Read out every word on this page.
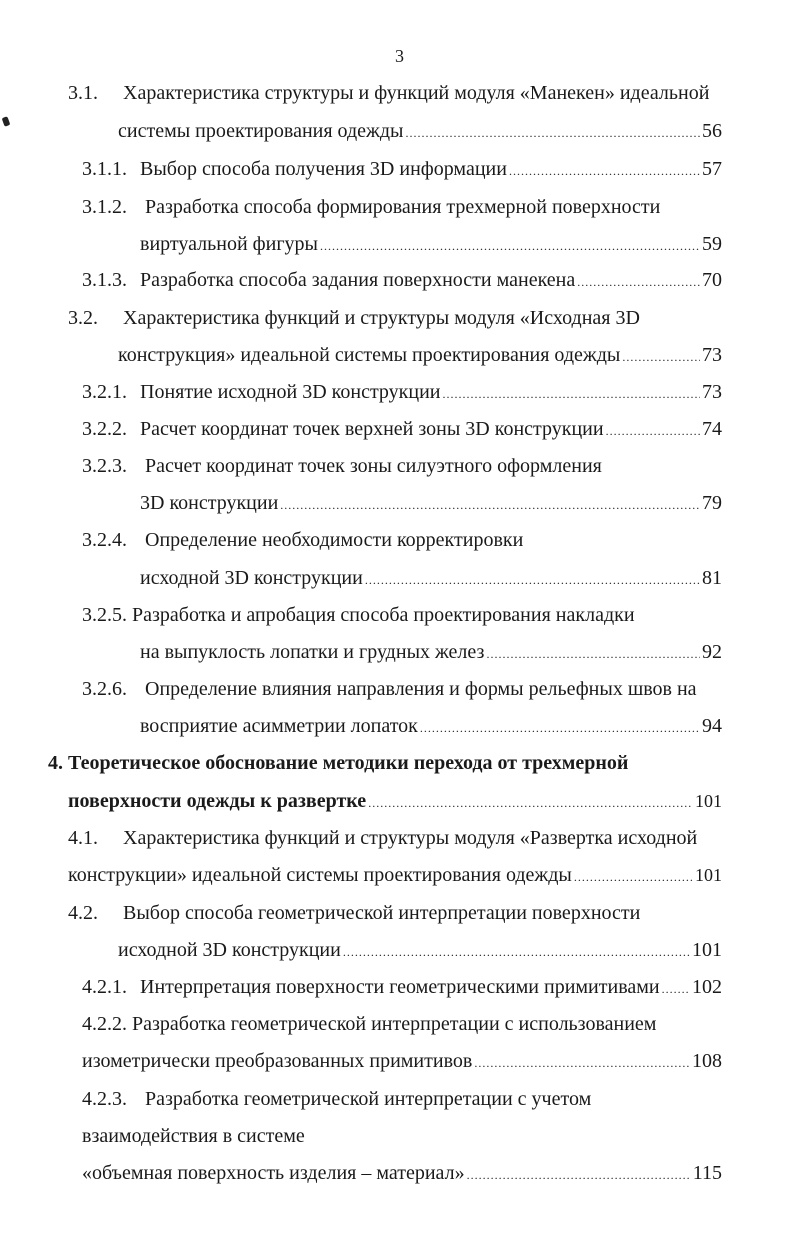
3
3.1. Характеристика структуры и функций модуля «Манекен» идеальной
системы проектирования одежды .....	56
3.1.1. Выбор способа получения 3D информации .....	57
3.1.2. Разработка способа формирования трехмерной поверхности
виртуальной фигуры .....	59
3.1.3. Разработка способа задания поверхности манекена .....	70
3.2. Характеристика функций и структуры модуля «Исходная 3D
конструкция» идеальной системы проектирования одежды .....	73
3.2.1. Понятие исходной 3D конструкции .....	73
3.2.2. Расчет координат точек верхней зоны 3D конструкции .....	74
3.2.3. Расчет координат точек зоны силуэтного оформления
3D конструкции .....	79
3.2.4. Определение необходимости корректировки
исходной 3D конструкции .....	81
3.2.5. Разработка и апробация способа проектирования накладки
на выпуклость лопатки и грудных желез .....	92
3.2.6. Определение влияния направления и формы рельефных швов на
восприятие асимметрии лопаток .....	94
4. Теоретическое обоснование методики перехода от трехмерной
поверхности одежды к развертке .....	101
4.1. Характеристика функций и структуры модуля «Развертка исходной
конструкции» идеальной системы проектирования одежды .....	101
4.2. Выбор способа геометрической интерпретации поверхности
исходной 3D конструкции .....	101
4.2.1. Интерпретация поверхности геометрическими примитивами ..... 102
4.2.2. Разработка геометрической интерпретации с использованием
изометрически преобразованных примитивов .....	108
4.2.3. Разработка геометрической интерпретации с учетом
взаимодействия в системе
«объемная поверхность изделия – материал» .....	115
